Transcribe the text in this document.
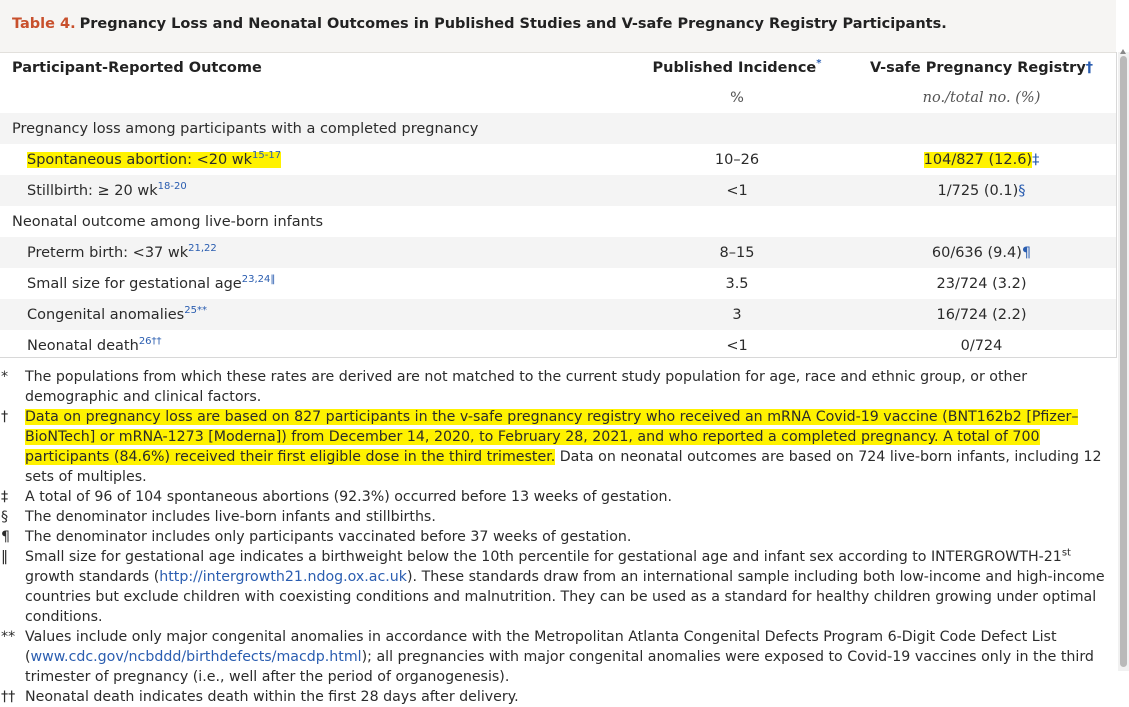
Table 4. Pregnancy Loss and Neonatal Outcomes in Published Studies and V-safe Pregnancy Registry Participants.
Participant-Reported Outcome	Published Incidence*	V-safe Pregnancy Registry†
	%	no./total no. (%)
Pregnancy loss among participants with a completed pregnancy		
Spontaneous abortion: <20 $wk^{15-17}$	10–26	104/827 (12.6)‡
Stillbirth: ≥ 20 $wk^{18-20}$	<1	1/725 (0.1)§
Neonatal outcome among live-born infants		
Preterm birth: <37 wk$^{21,22}$	8–15	60/636 (9.4)¶
Small size for gestational age$^{23,24‖}$	3.5	23/724 (3.2)
Congenital anomalies$^{25**}$	3	16/724 (2.2)
Neonatal death$^{26\dagger\dagger}$	<1	0/724
*	The populations from which these rates are derived are not matched to the current study population for age, race and ethnic group, or other demographic and clinical factors.
†	Data on pregnancy loss are based on 827 participants in the v-safe pregnancy registry who received an mRNA Covid-19 vaccine (BNT162b2 [Pfizer–BioNTech] or mRNA-1273 [Moderna]) from December 14, 2020, to February 28, 2021, and who reported a completed pregnancy. A total of 700 participants (84.6%) received their first eligible dose in the third trimester. Data on neonatal outcomes are based on 724 live-born infants, including 12 sets of multiples.
‡	A total of 96 of 104 spontaneous abortions (92.3%) occurred before 13 weeks of gestation.
§	The denominator includes live-born infants and stillbirths.
¶	The denominator includes only participants vaccinated before 37 weeks of gestation.
‖	Small size for gestational age indicates a birthweight below the 10th percentile for gestational age and infant sex according to INTERGROWTH-21st growth standards (http://intergrowth21.ndog.ox.ac.uk). These standards draw from an international sample including both low-income and high-income countries but exclude children with coexisting conditions and malnutrition. They can be used as a standard for healthy children growing under optimal conditions.
** Values include only major congenital anomalies in accordance with the Metropolitan Atlanta Congenital Defects Program 6-Digit Code Defect List (www.cdc.gov/ncbddd/birthdefects/macdp.html); all pregnancies with major congenital anomalies were exposed to Covid-19 vaccines only in the third trimester of pregnancy (i.e., well after the period of organogenesis).
†† Neonatal death indicates death within the first 28 days after delivery.
